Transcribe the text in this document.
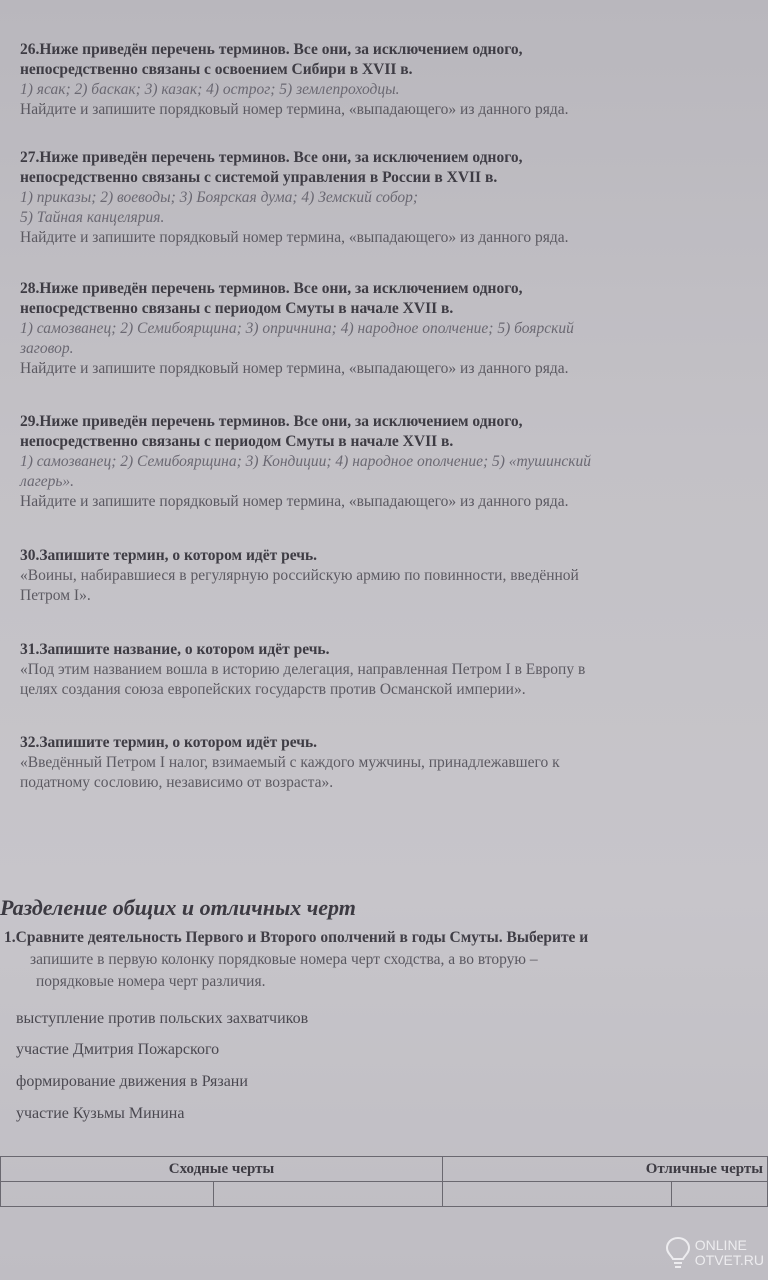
26.Ниже приведён перечень терминов. Все они, за исключением одного,
непосредственно связаны с освоением Сибири в XVII в.
1) ясак; 2) баскак; 3) казак; 4) острог; 5) землепроходцы.
Найдите и запишите порядковый номер термина, «выпадающего» из данного ряда.
27.Ниже приведён перечень терминов. Все они, за исключением одного,
непосредственно связаны с системой управления в России в XVII в.
1) приказы; 2) воеводы; 3) Боярская дума; 4) Земский собор;
5) Тайная канцелярия.
Найдите и запишите порядковый номер термина, «выпадающего» из данного ряда.
28.Ниже приведён перечень терминов. Все они, за исключением одного,
непосредственно связаны с периодом Смуты в начале XVII в.
1) самозванец; 2) Семибоярщина; 3) опричнина; 4) народное ополчение; 5) боярский
заговор.
Найдите и запишите порядковый номер термина, «выпадающего» из данного ряда.
29.Ниже приведён перечень терминов. Все они, за исключением одного,
непосредственно связаны с периодом Смуты в начале XVII в.
1) самозванец; 2) Семибоярщина; 3) Кондиции; 4) народное ополчение; 5) «тушинский
лагерь».
Найдите и запишите порядковый номер термина, «выпадающего» из данного ряда.
30.Запишите термин, о котором идёт речь.
«Воины, набиравшиеся в регулярную российскую армию по повинности, введённой
Петром I».
31.Запишите название, о котором идёт речь.
«Под этим названием вошла в историю делегация, направленная Петром I в Европу в
целях создания союза европейских государств против Османской империи».
32.Запишите термин, о котором идёт речь.
«Введённый Петром I налог, взимаемый с каждого мужчины, принадлежавшего к
податному сословию, независимо от возраста».
Разделение общих и отличных черт
1.Сравните деятельность Первого и Второго ополчений в годы Смуты. Выберите и
запишите в первую колонку порядковые номера черт сходства, а во вторую –
порядковые номера черт различия.
выступление против польских захватчиков
участие Дмитрия Пожарского
формирование движения в Рязани
участие Кузьмы Минина
Сходные черты		Отличные черты	

ONLINE
OTVET.RU
